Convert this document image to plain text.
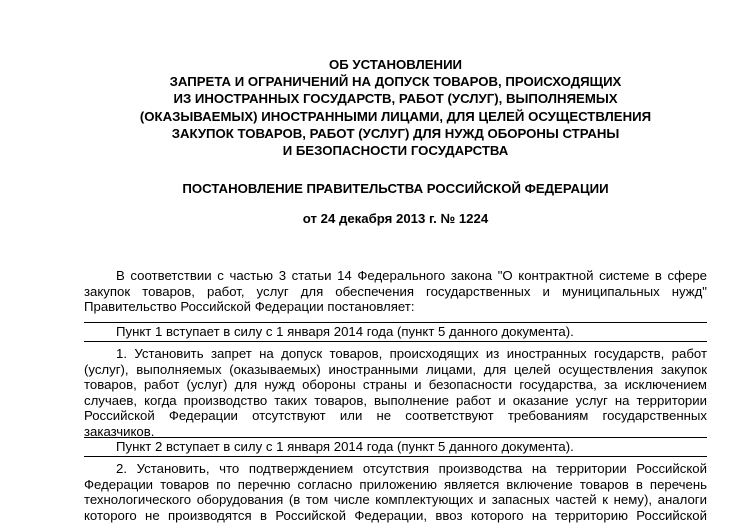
ОБ УСТАНОВЛЕНИИ
ЗАПРЕТА И ОГРАНИЧЕНИЙ НА ДОПУСК ТОВАРОВ, ПРОИСХОДЯЩИХ
ИЗ ИНОСТРАННЫХ ГОСУДАРСТВ, РАБОТ (УСЛУГ), ВЫПОЛНЯЕМЫХ
(ОКАЗЫВАЕМЫХ) ИНОСТРАННЫМИ ЛИЦАМИ, ДЛЯ ЦЕЛЕЙ ОСУЩЕСТВЛЕНИЯ
ЗАКУПОК ТОВАРОВ, РАБОТ (УСЛУГ) ДЛЯ НУЖД ОБОРОНЫ СТРАНЫ
И БЕЗОПАСНОСТИ ГОСУДАРСТВА
ПОСТАНОВЛЕНИЕ ПРАВИТЕЛЬСТВА РОССИЙСКОЙ ФЕДЕРАЦИИ
от 24 декабря 2013 г. № 1224
В соответствии с частью 3 статьи 14 Федерального закона "О контрактной системе в сфере
закупок товаров, работ, услуг для обеспечения государственных и муниципальных нужд"
Правительство Российской Федерации постановляет:
Пункт 1 вступает в силу с 1 января 2014 года (пункт 5 данного документа).
1. Установить запрет на допуск товаров, происходящих из иностранных государств, работ
(услуг), выполняемых (оказываемых) иностранными лицами, для целей осуществления закупок
товаров, работ (услуг) для нужд обороны страны и безопасности государства, за исключением
случаев, когда производство таких товаров, выполнение работ и оказание услуг на территории
Российской Федерации отсутствуют или не соответствуют требованиям государственных
заказчиков.
Пункт 2 вступает в силу с 1 января 2014 года (пункт 5 данного документа).
2. Установить, что подтверждением отсутствия производства на территории Российской
Федерации товаров по перечню согласно приложению является включение товаров в перечень
технологического оборудования (в том числе комплектующих и запасных частей к нему), аналоги
которого не производятся в Российской Федерации, ввоз которого на территорию Российской
